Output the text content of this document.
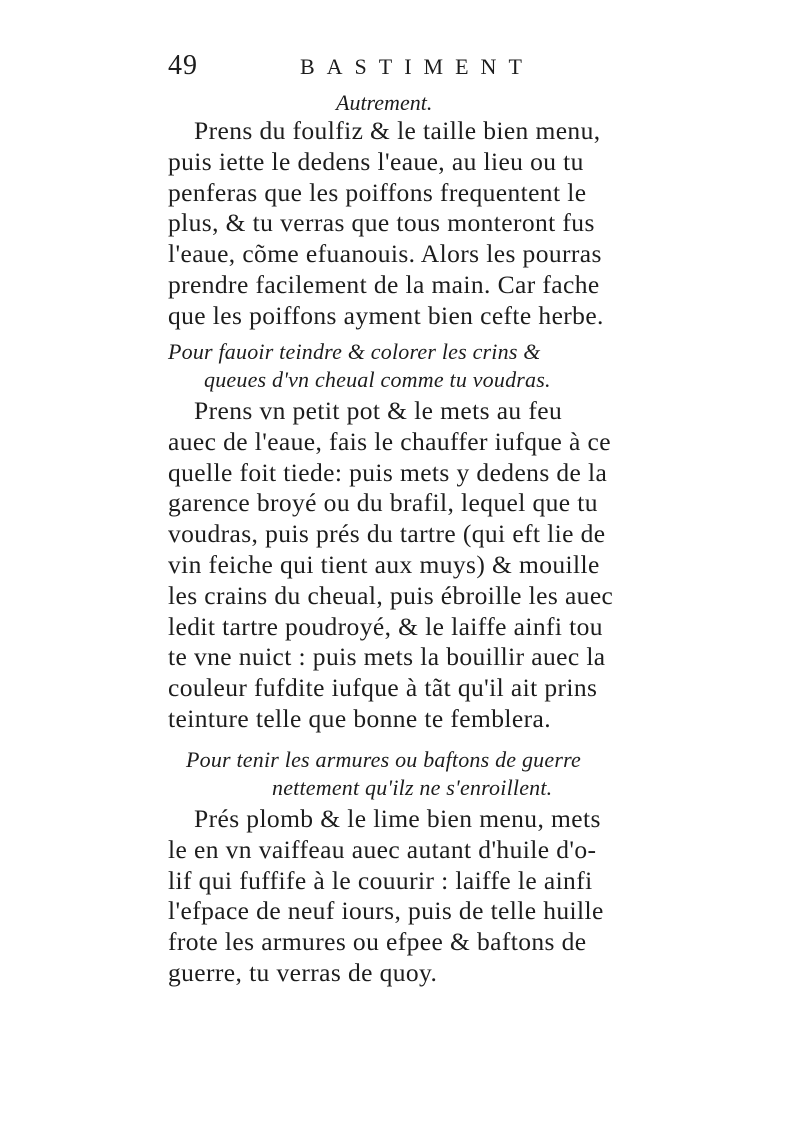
49	BASTIMENT
Autrement.
Prens du foulfiz & le taille bien menu,
puis iette le dedens l'eaue, au lieu ou tu
penferas que les poiffons frequentent le
plus, & tu verras que tous monteront fus
l'eaue, cõme efuanouis. Alors les pourras
prendre facilement de la main. Car fache
que les poiffons ayment bien cefte herbe.
Pour fauoir teindre & colorer les crins &
queues d'vn cheual comme tu voudras.
Prens vn petit pot & le mets au feu
auec de l'eaue, fais le chauffer iufque à ce
quelle foit tiede: puis mets y dedens de la
garence broyé ou du brafil, lequel que tu
voudras, puis prés du tartre (qui eft lie de
vin feiche qui tient aux muys) & mouille
les crains du cheual, puis ébroille les auec
ledit tartre poudroyé, & le laiffe ainfi tou
te vne nuict : puis mets la bouillir auec la
couleur fufdite iufque à tãt qu'il ait prins
teinture telle que bonne te femblera.
Pour tenir les armures ou baftons de guerre
nettement qu'ilz ne s'enroillent.
Prés plomb & le lime bien menu, mets
le en vn vaiffeau auec autant d'huile d'o-
lif qui fuffife à le couurir : laiffe le ainfi
l'efpace de neuf iours, puis de telle huille
frote les armures ou efpee & baftons de
guerre, tu verras de quoy.
